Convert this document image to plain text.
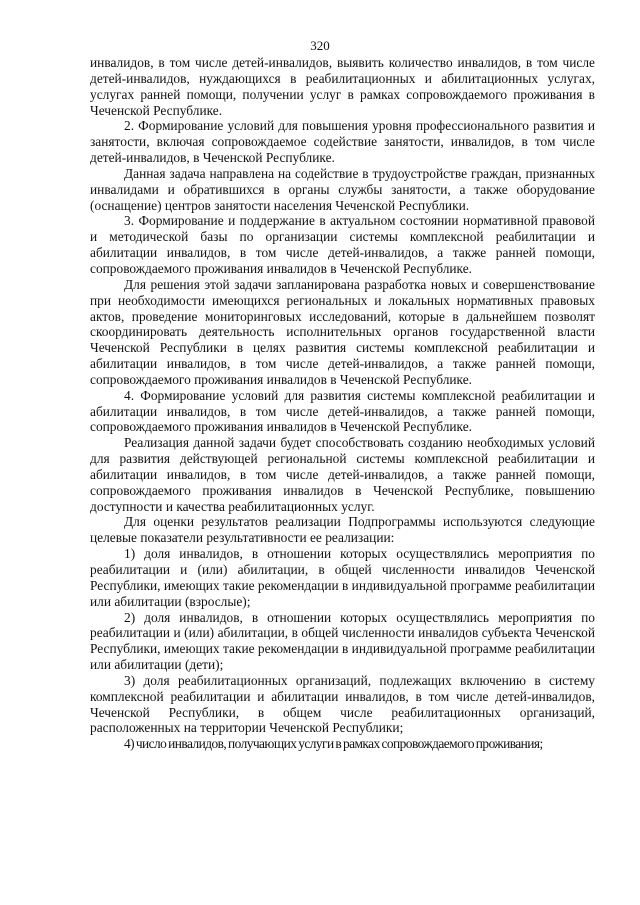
320

инвалидов, в том числе детей-инвалидов, выявить количество инвалидов, в том числе детей-инвалидов, нуждающихся в реабилитационных и абилитационных услугах, услугах ранней помощи, получении услуг в рамках сопровождаемого проживания в Чеченской Республике.

2. Формирование условий для повышения уровня профессионального развития и занятости, включая сопровождаемое содействие занятости, инвалидов, в том числе детей-инвалидов, в Чеченской Республике.

Данная задача направлена на содействие в трудоустройстве граждан, признанных инвалидами и обратившихся в органы службы занятости, а также оборудование (оснащение) центров занятости населения Чеченской Республики.

3. Формирование и поддержание в актуальном состоянии нормативной правовой и методической базы по организации системы комплексной реабилитации и абилитации инвалидов, в том числе детей-инвалидов, а также ранней помощи, сопровождаемого проживания инвалидов в Чеченской Республике.

Для решения этой задачи запланирована разработка новых и совершенствование при необходимости имеющихся региональных и локальных нормативных правовых актов, проведение мониторинговых исследований, которые в дальнейшем позволят скоординировать деятельность исполнительных органов государственной власти Чеченской Республики в целях развития системы комплексной реабилитации и абилитации инвалидов, в том числе детей-инвалидов, а также ранней помощи, сопровождаемого проживания инвалидов в Чеченской Республике.

4. Формирование условий для развития системы комплексной реабилитации и абилитации инвалидов, в том числе детей-инвалидов, а также ранней помощи, сопровождаемого проживания инвалидов в Чеченской Республике.

Реализация данной задачи будет способствовать созданию необходимых условий для развития действующей региональной системы комплексной реабилитации и абилитации инвалидов, в том числе детей-инвалидов, а также ранней помощи, сопровождаемого проживания инвалидов в Чеченской Республике, повышению доступности и качества реабилитационных услуг.

Для оценки результатов реализации Подпрограммы используются следующие целевые показатели результативности ее реализации:

1) доля инвалидов, в отношении которых осуществлялись мероприятия по реабилитации и (или) абилитации, в общей численности инвалидов Чеченской Республики, имеющих такие рекомендации в индивидуальной программе реабилитации или абилитации (взрослые);

2) доля инвалидов, в отношении которых осуществлялись мероприятия по реабилитации и (или) абилитации, в общей численности инвалидов субъекта Чеченской Республики, имеющих такие рекомендации в индивидуальной программе реабилитации или абилитации (дети);

3) доля реабилитационных организаций, подлежащих включению в систему комплексной реабилитации и абилитации инвалидов, в том числе детей-инвалидов, Чеченской Республики, в общем числе реабилитационных организаций, расположенных на территории Чеченской Республики;

4) число инвалидов, получающих услуги в рамках сопровождаемого проживания;
